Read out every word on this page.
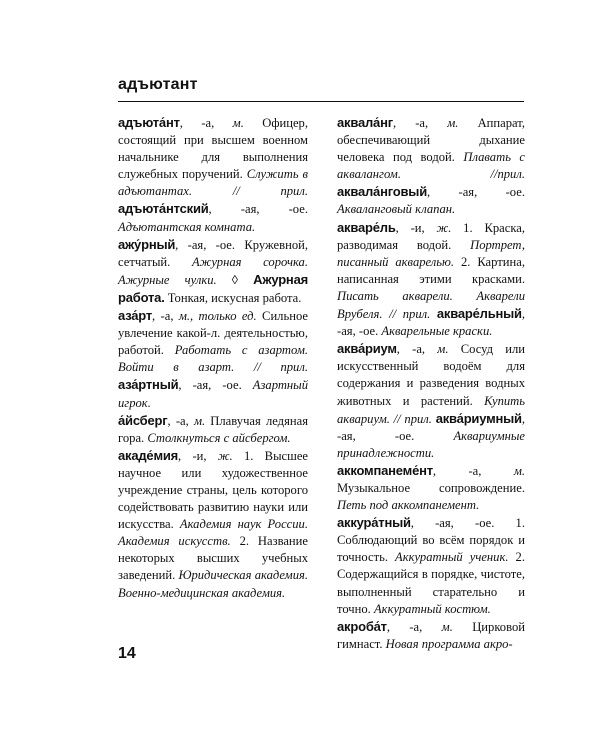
адъютант

адъюта́нт, -а, м. Офицер, состоящий при высшем военном начальнике для выполнения служебных поручений. Служить в адъютантах. // прил. адъюта́нтский, -ая, -ое. Адъютантская комната.

ажу́рный, -ая, -ое. Кружевной, сетчатый. Ажурная сорочка. Ажурные чулки. ◊ Ажурная работа. Тонкая, искусная работа.

аза́рт, -а, м., только ед. Сильное увлечение какой-л. деятельностью, работой. Работать с азартом. Войти в азарт. // прил. аза́ртный, -ая, -ое. Азартный игрок.

а́йсберг, -а, м. Плавучая ледяная гора. Столкнуться с айсбергом.

акаде́мия, -и, ж. 1. Высшее научное или художественное учреждение страны, цель которого содействовать развитию науки или искусства. Академия наук России. Академия искусств. 2. Название некоторых высших учебных заведений. Юридическая академия. Военно-медицинская академия.

аквала́нг, -а, м. Аппарат, обеспечивающий дыхание человека под водой. Плавать с аквалангом. //прил. аквала́нговый, -ая, -ое. Акваланговый клапан.

акваре́ль, -и, ж. 1. Краска, разводимая водой. Портрет, писанный акварелью. 2. Картина, написанная этими красками. Писать акварели. Акварели Врубеля. // прил. акваре́льный, -ая, -ое. Акварельные краски.

аква́риум, -а, м. Сосуд или искусственный водоём для содержания и разведения водных животных и растений. Купить аквариум. // прил. аква́риумный, -ая, -ое. Аквариумные принадлежности.

аккомпанеме́нт, -а, м. Музыкальное сопровождение. Петь под аккомпанемент.

аккура́тный, -ая, -ое. 1. Соблюдающий во всём порядок и точность. Аккуратный ученик. 2. Содержащийся в порядке, чистоте, выполненный старательно и точно. Аккуратный костюм.

акроба́т, -а, м. Цирковой гимнаст. Новая программа акро-

14
